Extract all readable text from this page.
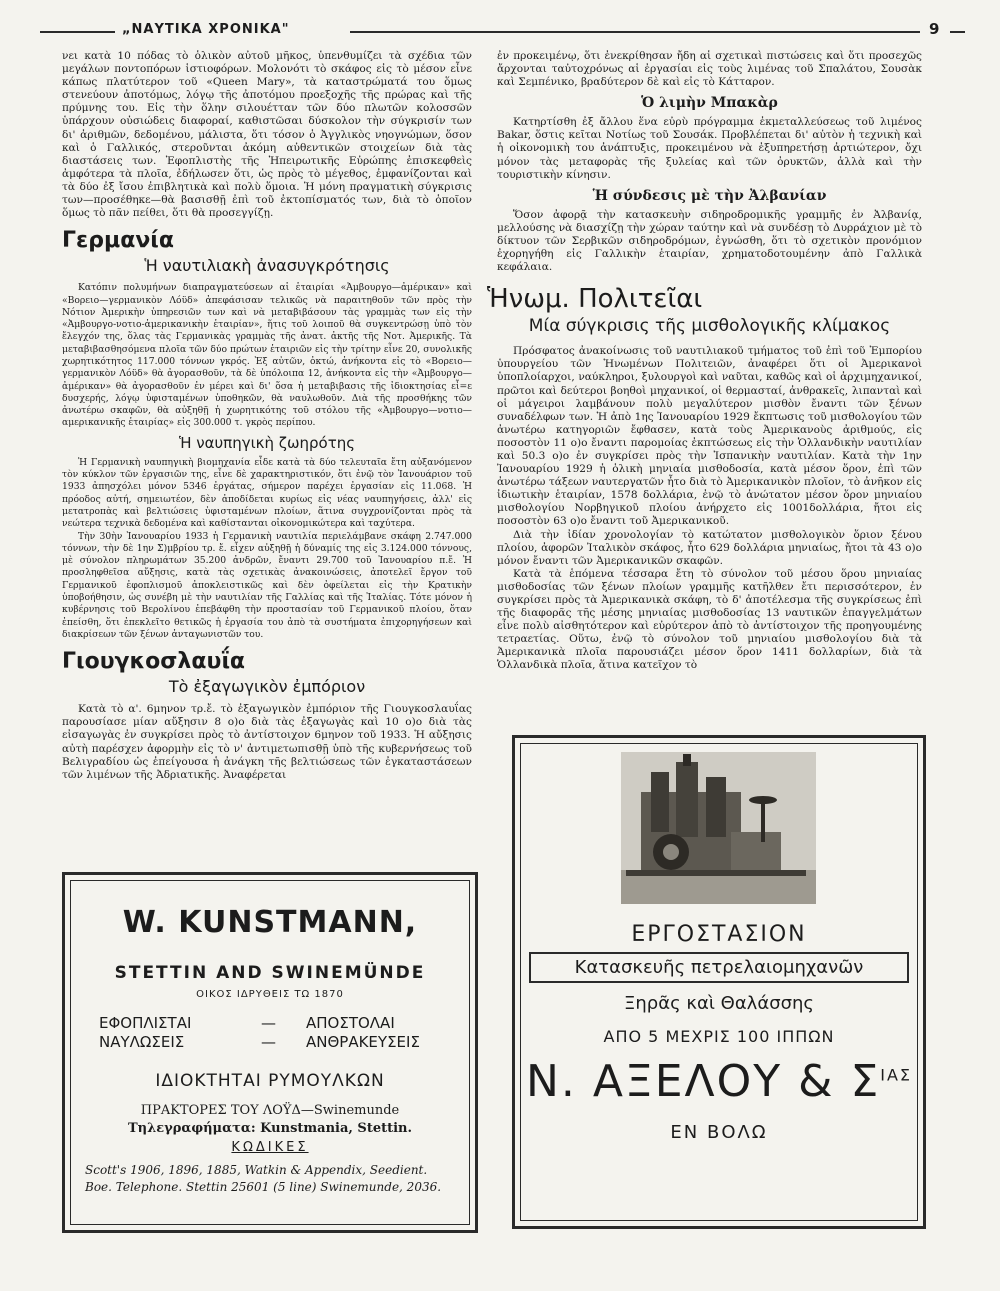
„ΝΑΥΤΙΚΑ ΧΡΟΝΙΚΑ"	9

νει κατὰ 10 πόδας τὸ ὁλικὸν αὐτοῦ μῆκος, ὑπενθυμίζει τὰ σχέδια τῶν μεγάλων ποντοπόρων ἱστιοφόρων. Μολονότι τὸ σκάφος εἰς τὸ μέσον εἶνε κάπως πλατύτερον τοῦ «Queen Mary», τὰ καταστρώματά του ὅμως στενεύουν ἀποτόμως, λόγῳ τῆς ἀποτόμου προεξοχῆς τῆς πρώρας καὶ τῆς πρύμνης του. Εἰς τὴν ὅλην σιλουέτταν τῶν δύο πλωτῶν κολοσσῶν ὑπάρχουν οὐσιώδεις διαφοραί, καθιστῶσαι δύσκολον τὴν σύγκρισίν των δι' ἀριθμῶν, δεδομένου, μάλιστα, ὅτι τόσον ὁ Ἀγγλικὸς νηογνώμων, ὅσον καὶ ὁ Γαλλικός, στεροῦνται ἀκόμη αὐθεντικῶν στοιχείων διὰ τὰς διαστάσεις των. Ἐφοπλιστὴς τῆς Ἠπειρωτικῆς Εὐρώπης ἐπισκεφθεὶς ἀμφότερα τὰ πλοῖα, ἐδήλωσεν ὅτι, ὡς πρὸς τὸ μέγεθος, ἐμφανίζονται καὶ τὰ δύο ἐξ ἴσου ἐπιβλητικὰ καὶ πολὺ ὅμοια. Ἡ μόνη πραγματικὴ σύγκρισις των—προσέθηκε—θὰ βασισθῇ ἐπὶ τοῦ ἐκτοπίσματός των, διὰ τὸ ὁποῖον ὅμως τὸ πᾶν πείθει, ὅτι θὰ προσεγγίζῃ.

Γερμανία
Ἡ ναυτιλιακὴ ἀνασυγκρότησις

Κατόπιν πολυμήνων διαπραγματεύσεων αἱ ἑταιρίαι «Ἀμβουργο—ἀμέρικαν» καὶ «Βορειο—γερμανικὸν Λόϋδ» ἀπεφάσισαν τελικῶς νὰ παραιτηθοῦν τῶν πρὸς τὴν Νότιον Ἀμερικὴν ὑπηρεσιῶν των καὶ νὰ μεταβιβάσουν τὰς γραμμὰς των εἰς τὴν «Ἀμβουργο-νοτιο-ἀμερικανικὴν ἑταιρίαν», ἥτις τοῦ λοιποῦ θὰ συγκεντρώσῃ ὑπὸ τὸν ἔλεγχόν της, ὅλας τὰς Γερμανικὰς γραμμὰς τῆς ἀνατ. ἀκτῆς τῆς Νοτ. Ἀμερικῆς. Τὰ μεταβιβασθησόμενα πλοῖα τῶν δύο πρώτων ἑταιριῶν εἰς τὴν τρίτην εἶνε 20, συνολικῆς χωρητικότητος 117.000 τόννων γκρός. Ἐξ αὐτῶν, ὀκτώ, ἀνήκοντα εἰς τὸ «Βορειο—γερμανικὸν Λόϋδ» θὰ ἀγορασθοῦν, τὰ δὲ ὑπόλοιπα 12, ἀνήκοντα εἰς τὴν «Ἀμβουργο—ἀμέρικαν» θὰ ἀγορασθοῦν ἐν μέρει καὶ δι' ὅσα ἡ μεταβιβασις τῆς ἰδιοκτησίας εἶ=ε δυσχερής, λόγῳ ὑφισταμένων ὑποθηκῶν, θὰ ναυλωθοῦν. Διὰ τῆς προσθήκης τῶν ἀνωτέρω σκαφῶν, θὰ αὐξηθῇ ἡ χωρητικότης τοῦ στόλου τῆς «Ἀμβουργο—νοτιο—αμερικανικῆς ἑταιρίας» εἰς 300.000 τ. γκρὸς περίπου.

Ἡ ναυπηγικὴ ζωηρότης

Ἡ Γερμανικὴ ναυπηγικὴ βιομηχανία εἶδε κατὰ τὰ δύο τελευταῖα ἔτη αὐξανόμενον τὸν κύκλον τῶν ἐργασιῶν της, εἶνε δὲ χαρακτηριστικόν, ὅτι ἐνῷ τὸν Ἰανουάριον τοῦ 1933 ἀπησχόλει μόνον 5346 ἐργάτας, σήμερον παρέχει ἐργασίαν εἰς 11.068. Ἡ πρόοδος αὐτή, σημειωτέον, δὲν ἀποδίδεται κυρίως εἰς νέας ναυπηγήσεις, ἀλλ' εἰς μετατροπὰς καὶ βελτιώσεις ὑφισταμένων πλοίων, ἅτινα συγχρονίζονται πρὸς τὰ νεώτερα τεχνικὰ δεδομένα καὶ καθίστανται οἰκονομικώτερα καὶ ταχύτερα.

Τὴν 30ὴν Ἰανουαρίου 1933 ἡ Γερμανικὴ ναυτιλία περιελάμβανε σκάφη 2.747.000 τόννων, τὴν δὲ 1ην Σ)μβρίου τρ. ἔ. εἶχεν αὐξηθῇ ἡ δύναμίς της εἰς 3.124.000 τόννους, μὲ σύνολον πληρωμάτων 35.200 ἀνδρῶν, ἔναντι 29.700 τοῦ Ἰανουαρίου π.ἔ. Ἡ προσληφθεῖσα αὔξησις, κατὰ τὰς σχετικὰς ἀνακοινώσεις, ἀποτελεῖ ἔργον τοῦ Γερμανικοῦ ἐφοπλισμοῦ ἀποκλειστικῶς καὶ δὲν ὀφείλεται εἰς τὴν Κρατικὴν ὑποβοήθησιν, ὡς συνέβη μὲ τὴν ναυτιλίαν τῆς Γαλλίας καὶ τῆς Ἰταλίας. Τότε μόνον ἡ κυβέρνησις τοῦ Βερολίνου ἐπεβάφθη τὴν προστασίαν τοῦ Γερμανικοῦ πλοίου, ὅταν ἐπείσθη, ὅτι ἐπεκλεῖτο θετικῶς ἡ ἐργασία του ἀπὸ τὰ συστήματα ἐπιχορηγήσεων καὶ διακρίσεων τῶν ξένων ἀνταγωνιστῶν του.

Γιουγκοσλαυΐα
Τὸ ἐξαγωγικὸν ἐμπόριον

Κατὰ τὸ α'. 6μηνον τρ.ἔ. τὸ ἐξαγωγικὸν ἐμπόριον τῆς Γιουγκοσλαυΐας παρουσίασε μίαν αὔξησιν 8 ο)ο διὰ τὰς ἐξαγωγὰς καὶ 10 ο)ο διὰ τὰς εἰσαγωγὰς ἐν συγκρίσει πρὸς τὸ ἀντίστοιχον 6μηνον τοῦ 1933. Ἡ αὔξησις αὐτὴ παρέσχεν ἀφορμὴν εἰς τὸ ν' ἀντιμετωπισθῇ ὑπὸ τῆς κυβερνήσεως τοῦ Βελιγραδίου ὡς ἐπείγουσα ἡ ἀνάγκη τῆς βελτιώσεως τῶν ἐγκαταστάσεων τῶν λιμένων τῆς Ἀδριατικῆς. Ἀναφέρεται

ἐν προκειμένῳ, ὅτι ἐνεκρίθησαν ἤδη αἱ σχετικαὶ πιστώσεις καὶ ὅτι προσεχῶς ἄρχονται ταὐτοχρόνως αἱ ἐργασίαι εἰς τοὺς λιμένας τοῦ Σπαλάτου, Σουσὰκ καὶ Σεμπένικο, βραδύτερον δὲ καὶ εἰς τὸ Κάτταρον.

Ὁ λιμὴν Μπακὰρ

Κατηρτίσθη ἐξ ἄλλου ἕνα εὐρὺ πρόγραμμα ἐκμεταλλεύσεως τοῦ λιμένος Bakar, ὅστις κεῖται Νοτίως τοῦ Σουσάκ. Προβλέπεται δι' αὐτὸν ἡ τεχνικὴ καὶ ἡ οἰκονομικὴ του ἀνάπτυξις, προκειμένου νὰ ἐξυπηρετήσῃ ἀρτιώτερον, ὄχι μόνον τὰς μεταφορὰς τῆς ξυλείας καὶ τῶν ὀρυκτῶν, ἀλλὰ καὶ τὴν τουριστικὴν κίνησιν.

Ἡ σύνδεσις μὲ τὴν Ἀλβανίαν

Ὅσον ἀφορᾷ τὴν κατασκευὴν σιδηροδρομικῆς γραμμῆς ἐν Ἀλβανίᾳ, μελλούσης νὰ διασχίζῃ τὴν χώραν ταύτην καὶ νὰ συνδέσῃ τὸ Δυρράχιον μὲ τὸ δίκτυον τῶν Σερβικῶν σιδηροδρόμων, ἐγνώσθη, ὅτι τὸ σχετικὸν προνόμιον ἐχορηγήθη εἰς Γαλλικὴν ἑταιρίαν, χρηματοδοτουμένην ἀπὸ Γαλλικὰ κεφάλαια.

Ἡνωμ. Πολιτεῖαι
Μία σύγκρισις τῆς μισθολογικῆς κλίμακος

Πρόσφατος ἀνακοίνωσις τοῦ ναυτιλιακοῦ τμήματος τοῦ ἐπὶ τοῦ Ἐμπορίου ὑπουργείου τῶν Ἡνωμένων Πολιτειῶν, ἀναφέρει ὅτι οἱ Ἀμερικανοὶ ὑποπλοίαρχοι, ναύκληροι, ξυλουργοὶ καὶ ναῦται, καθῶς καὶ οἱ ἀρχιμηχανικοί, πρῶτοι καὶ δεύτεροι βοηθοὶ μηχανικοί, οἱ θερμασταί, ἀνθρακεῖς, λιπανταὶ καὶ οἱ μάγειροι λαμβάνουν πολὺ μεγαλύτερον μισθὸν ἔναντι τῶν ξένων συναδέλφων των. Ἡ ἀπὸ 1ης Ἰανουαρίου 1929 ἔκπτωσις τοῦ μισθολογίου τῶν ἀνωτέρω κατηγοριῶν ἔφθασεν, κατὰ τοὺς Ἀμερικανοὺς ἀριθμούς, εἰς ποσοστὸν 11 ο)ο ἔναντι παρομοίας ἐκπτώσεως εἰς τὴν Ὁλλανδικὴν ναυτιλίαν καὶ 50.3 ο)ο ἐν συγκρίσει πρὸς τὴν Ἰσπανικὴν ναυτιλίαν. Κατὰ τὴν 1ην Ἰανουαρίου 1929 ἡ ὁλικὴ μηνιαία μισθοδοσία, κατὰ μέσον ὅρον, ἐπὶ τῶν ἀνωτέρω τάξεων ναυτεργατῶν ἦτο διὰ τὸ Ἀμερικανικὸν πλοῖον, τὸ ἀνῆκον εἰς ἰδιωτικὴν ἑταιρίαν, 1578 δολλάρια, ἐνῷ τὸ ἀνώτατον μέσον ὅρον μηνιαίου μισθολογίου Νορβηγικοῦ πλοίου ἀνήρχετο εἰς 1001δολλάρια, ἤτοι εἰς ποσοστὸν 63 ο)ο ἔναντι τοῦ Ἀμερικανικοῦ.

Διὰ τὴν ἰδίαν χρονολογίαν τὸ κατώτατον μισθολογικὸν ὅριον ξένου πλοίου, ἀφορῶν Ἰταλικὸν σκάφος, ἦτο 629 δολλάρια μηνιαίως, ἤτοι τὰ 43 ο)ο μόνον ἔναντι τῶν Ἀμερικανικῶν σκαφῶν.

Κατὰ τὰ ἑπόμενα τέσσαρα ἔτη τὸ σύνολον τοῦ μέσου ὅρου μηνιαίας μισθοδοσίας τῶν ξένων πλοίων γραμμῆς κατῆλθεν ἔτι περισσότερον, ἐν συγκρίσει πρὸς τὰ Ἀμερικανικὰ σκάφη, τὸ δ' ἀποτέλεσμα τῆς συγκρίσεως ἐπὶ τῆς διαφορᾶς τῆς μέσης μηνιαίας μισθοδοσίας 13 ναυτικῶν ἐπαγγελμάτων εἶνε πολὺ αἰσθητότερον καὶ εὐρύτερον ἀπὸ τὸ ἀντίστοιχον τῆς προηγουμένης τετραετίας. Οὕτω, ἐνῷ τὸ σύνολον τοῦ μηνιαίου μισθολογίου διὰ τὰ Ἀμερικανικὰ πλοῖα παρουσιάζει μέσον ὅρον 1411 δολλαρίων, διὰ τὰ Ὁλλανδικὰ πλοῖα, ἅτινα κατεῖχον τὸ

W. KUNSTMANN,
STETTIN AND SWINEMÜNDE
ΟΙΚΟΣ ΙΔΡΥΘΕΙΣ ΤΩ 1870
ΕΦΟΠΛΙΣΤΑΙ	— ΑΠΟΣΤΟΛΑΙ
ΝΑΥΛΩΣΕΙΣ	— ΑΝΘΡΑΚΕΥΣΕΙΣ
ΙΔΙΟΚΤΗΤΑΙ ΡΥΜΟΥΛΚΩΝ
ΠΡΑΚΤΟΡΕΣ ΤΟΥ ΛΟΫΔ—Swinemunde
Τηλεγραφήματα: Kunstmania, Stettin.
ΚΩΔΙΚΕΣ
Scott's 1906, 1896, 1885, Watkin & Appendix, Seedient.
Boe. Telephone. Stettin 25601 (5 line) Swinemunde, 2036.
ΕΡΓΟΣΤΑΣΙΟΝ
Κατασκευῆς πετρελαιομηχανῶν
Ξηρᾶς καὶ Θαλάσσης
ΑΠΟ 5 ΜΕΧΡΙΣ 100 ΙΠΠΩΝ
Ν. ΑΞΕΛΟΥ & $\Sigma^{IA\Sigma}$
ΕΝ ΒΟΛΩ
